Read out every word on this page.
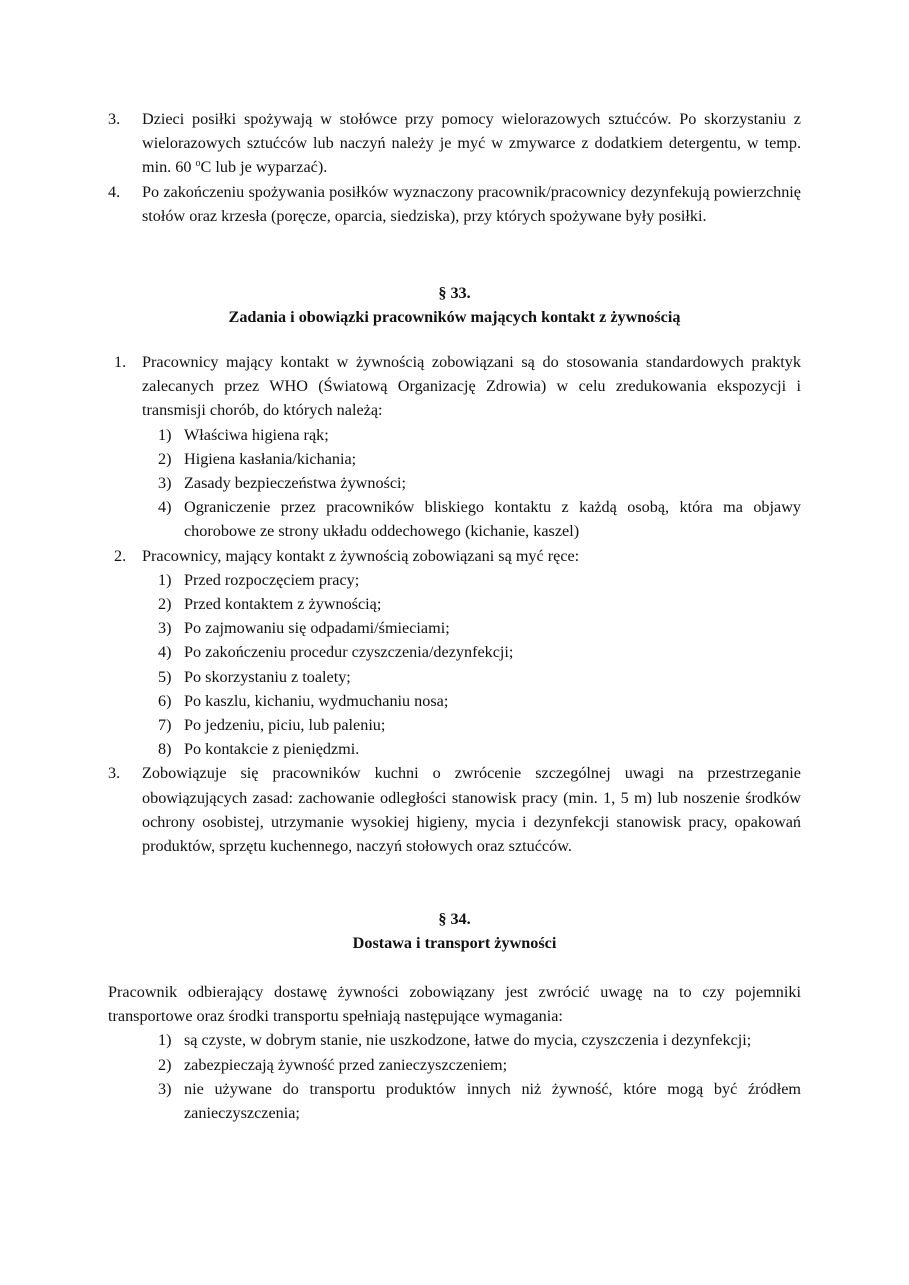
3. Dzieci posiłki spożywają w stołówce przy pomocy wielorazowych sztućców. Po skorzystaniu z wielorazowych sztućców lub naczyń należy je myć w zmywarce z dodatkiem detergentu, w temp. min. 60 $^o$C lub je wyparzać).
4. Po zakończeniu spożywania posiłków wyznaczony pracownik/pracownicy dezynfekują powierzchnię stołów oraz krzesła (poręcze, oparcia, siedziska), przy których spożywane były posiłki.
§ 33.
Zadania i obowiązki pracowników mających kontakt z żywnością
1. Pracownicy mający kontakt w żywnością zobowiązani są do stosowania standardowych praktyk zalecanych przez WHO (Światową Organizację Zdrowia) w celu zredukowania ekspozycji i transmisji chorób, do których należą:
1) Właściwa higiena rąk;
2) Higiena kasłania/kichania;
3) Zasady bezpieczeństwa żywności;
4) Ograniczenie przez pracowników bliskiego kontaktu z każdą osobą, która ma objawy chorobowe ze strony układu oddechowego (kichanie, kaszel)
2. Pracownicy, mający kontakt z żywnością zobowiązani są myć ręce:
1) Przed rozpoczęciem pracy;
2) Przed kontaktem z żywnością;
3) Po zajmowaniu się odpadami/śmieciami;
4) Po zakończeniu procedur czyszczenia/dezynfekcji;
5) Po skorzystaniu z toalety;
6) Po kaszlu, kichaniu, wydmuchaniu nosa;
7) Po jedzeniu, piciu, lub paleniu;
8) Po kontakcie z pieniędzmi.
3. Zobowiązuje się pracowników kuchni o zwrócenie szczególnej uwagi na przestrzeganie obowiązujących zasad: zachowanie odległości stanowisk pracy (min. 1, 5 m) lub noszenie środków ochrony osobistej, utrzymanie wysokiej higieny, mycia i dezynfekcji stanowisk pracy, opakowań produktów, sprzętu kuchennego, naczyń stołowych oraz sztućców.
§ 34.
Dostawa i transport żywności

Pracownik odbierający dostawę żywności zobowiązany jest zwrócić uwagę na to czy pojemniki transportowe oraz środki transportu spełniają następujące wymagania:

1) są czyste, w dobrym stanie, nie uszkodzone, łatwe do mycia, czyszczenia i dezynfekcji;
2) zabezpieczają żywność przed zanieczyszczeniem;
3) nie używane do transportu produktów innych niż żywność, które mogą być źródłem zanieczyszczenia;
